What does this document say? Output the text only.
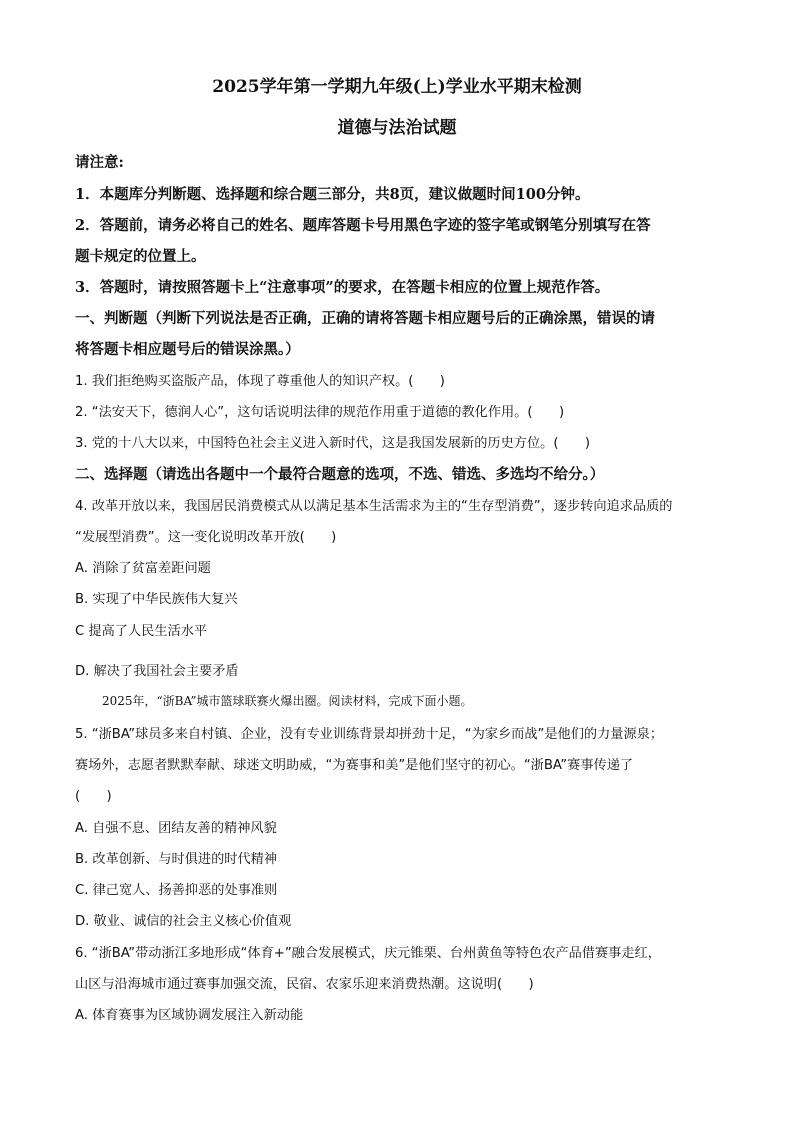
2025学年第一学期九年级(上)学业水平期末检测
道德与法治试题
请注意:
1．本题库分判断题、选择题和综合题三部分，共8页，建议做题时间100分钟。
2．答题前，请务必将自己的姓名、题库答题卡号用黑色字迹的签字笔或钢笔分别填写在答
题卡规定的位置上。
3．答题时，请按照答题卡上“注意事项”的要求，在答题卡相应的位置上规范作答。
一、判断题（判断下列说法是否正确，正确的请将答题卡相应题号后的正确涂黑，错误的请
将答题卡相应题号后的错误涂黑。）
1. 我们拒绝购买盗版产品，体现了尊重他人的知识产权。(　　)
2. “法安天下，德润人心”，这句话说明法律的规范作用重于道德的教化作用。(　　)
3. 党的十八大以来，中国特色社会主义进入新时代，这是我国发展新的历史方位。(　　)
二、选择题（请选出各题中一个最符合题意的选项，不选、错选、多选均不给分。）
4. 改革开放以来，我国居民消费模式从以满足基本生活需求为主的“生存型消费”，逐步转向追求品质的
“发展型消费”。这一变化说明改革开放(　　)
A. 消除了贫富差距问题
B. 实现了中华民族伟大复兴
C 提高了人民生活水平
D. 解决了我国社会主要矛盾
2025年，“浙BA”城市篮球联赛火爆出圈。阅读材料，完成下面小题。
5. “浙BA”球员多来自村镇、企业，没有专业训练背景却拼劲十足，“为家乡而战”是他们的力量源泉；
赛场外，志愿者默默奉献、球迷文明助威，“为赛事和美”是他们坚守的初心。“浙BA”赛事传递了
(　　)
A. 自强不息、团结友善的精神风貌
B. 改革创新、与时俱进的时代精神
C. 律己宽人、扬善抑恶的处事准则
D. 敬业、诚信的社会主义核心价值观
6. “浙BA”带动浙江多地形成“体育+”融合发展模式，庆元锥栗、台州黄鱼等特色农产品借赛事走红，
山区与沿海城市通过赛事加强交流，民宿、农家乐迎来消费热潮。这说明(　　)
A. 体育赛事为区域协调发展注入新动能
